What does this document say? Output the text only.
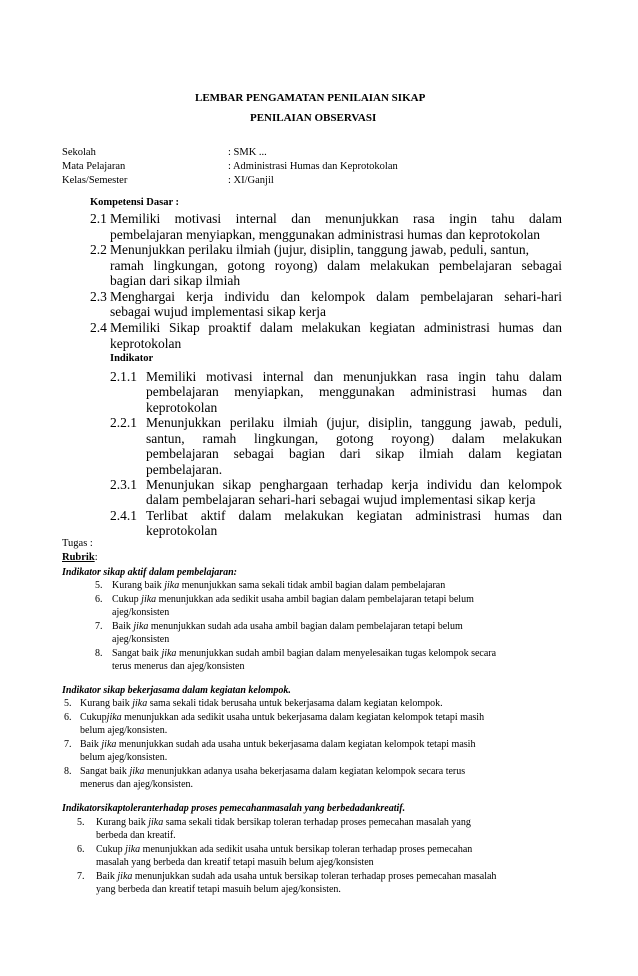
LEMBAR PENGAMATAN PENILAIAN SIKAP
PENILAIAN OBSERVASI
Sekolah	: SMK ...
Mata Pelajaran	: Administrasi Humas dan Keprotokolan
Kelas/Semester	: XI/Ganjil
Kompetensi Dasar :
2.1 Memiliki motivasi internal dan menunjukkan rasa ingin tahu dalam
pembelajaran menyiapkan, menggunakan administrasi humas dan keprotokolan
2.2 Menunjukkan perilaku ilmiah (jujur, disiplin, tanggung jawab, peduli, santun,
ramah lingkungan, gotong royong) dalam melakukan pembelajaran sebagai
bagian dari sikap ilmiah
2.3 Menghargai kerja individu dan kelompok dalam pembelajaran sehari-hari
sebagai wujud implementasi sikap kerja
2.4 Memiliki Sikap proaktif dalam melakukan kegiatan administrasi humas dan
keprotokolan
Indikator
2.1.1 Memiliki motivasi internal dan menunjukkan rasa ingin tahu dalam
pembelajaran menyiapkan, menggunakan administrasi humas dan
keprotokolan
2.2.1 Menunjukkan perilaku ilmiah (jujur, disiplin, tanggung jawab, peduli,
santun, ramah lingkungan, gotong royong) dalam melakukan
pembelajaran sebagai bagian dari sikap ilmiah dalam kegiatan
pembelajaran.
2.3.1 Menunjukan sikap penghargaan terhadap kerja individu dan kelompok
dalam pembelajaran sehari-hari sebagai wujud implementasi sikap kerja
2.4.1 Terlibat aktif dalam melakukan kegiatan administrasi humas dan
keprotokolan
Tugas :
Rubrik:
Indikator sikap aktif dalam pembelajaran:
5. Kurang baik jika menunjukkan sama sekali tidak ambil bagian dalam pembelajaran
6. Cukup jika menunjukkan ada sedikit usaha ambil bagian dalam pembelajaran tetapi belum
ajeg/konsisten
7. Baik jika menunjukkan sudah ada usaha ambil bagian dalam pembelajaran tetapi belum
ajeg/konsisten
8. Sangat baik jika menunjukkan sudah ambil bagian dalam menyelesaikan tugas kelompok secara
terus menerus dan ajeg/konsisten
Indikator sikap bekerjasama dalam kegiatan kelompok.
5. Kurang baik jika sama sekali tidak berusaha untuk bekerjasama dalam kegiatan kelompok.
6. Cukupjika menunjukkan ada sedikit usaha untuk bekerjasama dalam kegiatan kelompok tetapi masih
belum ajeg/konsisten.
7. Baik jika menunjukkan sudah ada usaha untuk bekerjasama dalam kegiatan kelompok tetapi masih
belum ajeg/konsisten.
8. Sangat baik jika menunjukkan adanya usaha bekerjasama dalam kegiatan kelompok secara terus
menerus dan ajeg/konsisten.
Indikatorsikaptoleranterhadap proses pemecahanmasalah yang berbedadankreatif.
5. Kurang baik jika sama sekali tidak bersikap toleran terhadap proses pemecahan masalah yang
berbeda dan kreatif.
6. Cukup jika menunjukkan ada sedikit usaha untuk bersikap toleran terhadap proses pemecahan
masalah yang berbeda dan kreatif tetapi masuih belum ajeg/konsisten
7. Baik jika menunjukkan sudah ada usaha untuk bersikap toleran terhadap proses pemecahan masalah
yang berbeda dan kreatif tetapi masuih belum ajeg/konsisten.
